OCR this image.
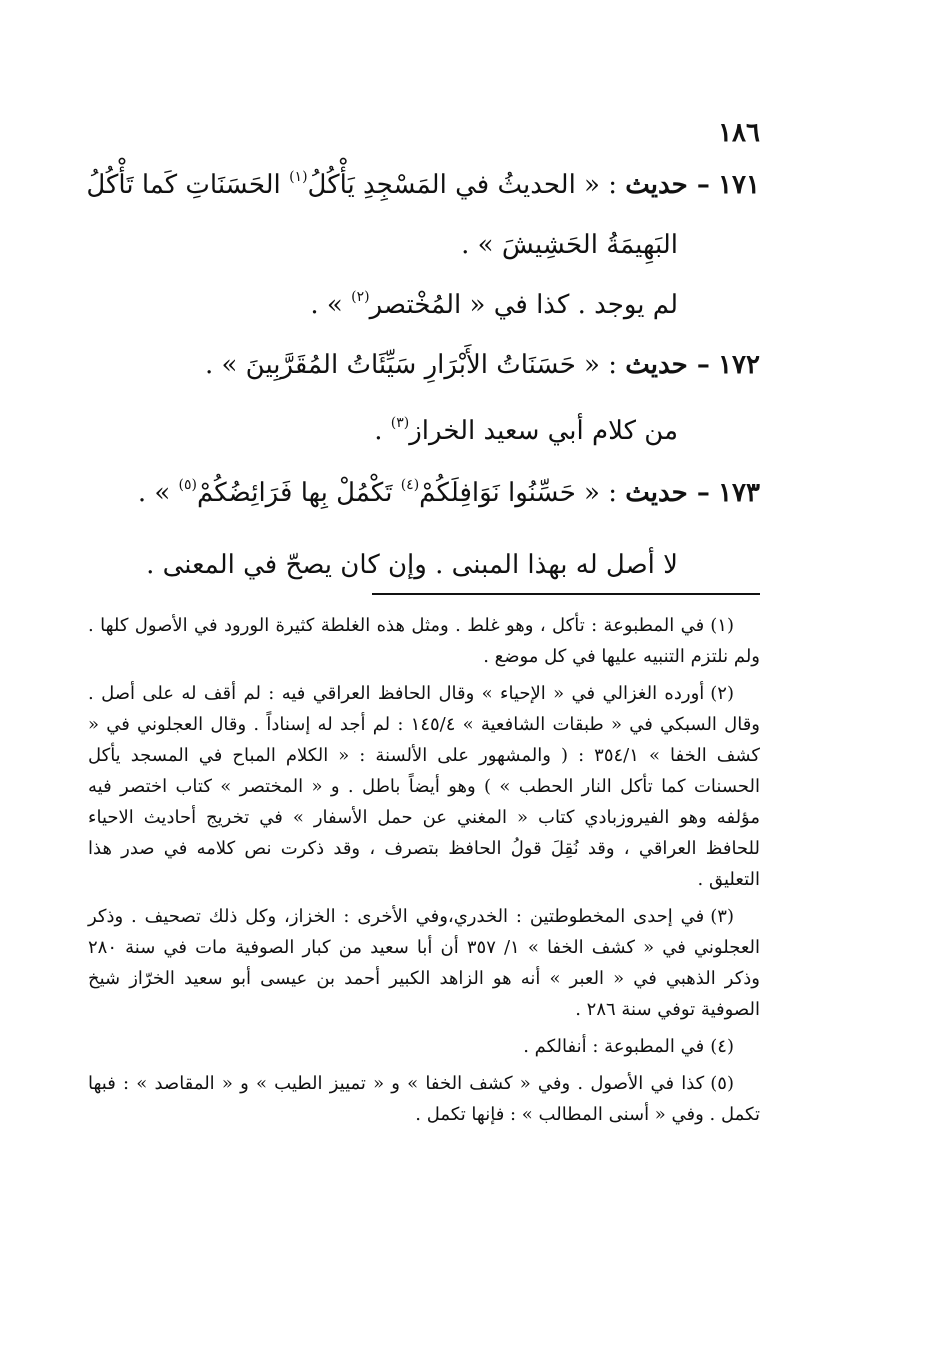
١٨٦

١٧١ – حديث : « الحديثُ في المَسْجِدِ يَأْكُلُ$^{(١)}$ الحَسَنَاتِ كَما تَأْكُلُ

البَهِيمَةُ الحَشِيشَ » .

لم يوجد . كذا في « المُخْتصر$^{(٢)}$ » .

١٧٢ – حديث : « حَسَنَاتُ الأَبْرَارِ سَيِّئَاتُ المُقَرَّبِينَ » .

من كلام أبي سعيد الخراز$^{(٣)}$ .

١٧٣ – حديث : « حَسِّنُوا نَوَافِلَكُمْ$^{(٤)}$ تَكْمُلْ بِها فَرَائِضُكُمْ$^{(٥)}$ » .

لا أصل له بهذا المبنى . وإن كان يصحّ في المعنى .

(١)في المطبوعة : تأكل ، وهو غلط . ومثل هذه الغلطة كثيرة الورود في الأصول كلها . ولم نلتزم التنبيه عليها في كل موضع .

(٢)أورده الغزالي في « الإحياء » وقال الحافظ العراقي فيه : لم أقف له على أصل . وقال السبكي في « طبقات الشافعية » ١٤٥/٤ : لم أجد له إسناداً . وقال العجلوني في « كشف الخفا » ٣٥٤/١ : ( والمشهور على الألسنة : « الكلام المباح في المسجد يأكل الحسنات كما تأكل النار الحطب » ) وهو أيضاً باطل . و « المختصر » كتاب اختصر فيه مؤلفه وهو الفيروزبادي كتاب « المغني عن حمل الأسفار » في تخريج أحاديث الاحياء للحافظ العراقي ، وقد نُقِلَ قولُ الحافظ بتصرف ، وقد ذكرت نص كلامه في صدر هذا التعليق .

(٣)في إحدى المخطوطتين : الخدري،وفي الأخرى : الخزاز، وكل ذلك تصحيف . وذكر العجلوني في « كشف الخفا » ١/ ٣٥٧ أن أبا سعيد من كبار الصوفية مات في سنة ٢٨٠ وذكر الذهبي في « العبر » أنه هو الزاهد الكبير أحمد بن عيسى أبو سعيد الخرّاز شيخ الصوفية توفي سنة ٢٨٦ .

(٤)في المطبوعة : أنفالكم .

(٥)كذا في الأصول . وفي « كشف الخفا » و « تمييز الطيب » و « المقاصد » : فبها تكمل . وفي « أسنى المطالب » : فإنها تكمل .
